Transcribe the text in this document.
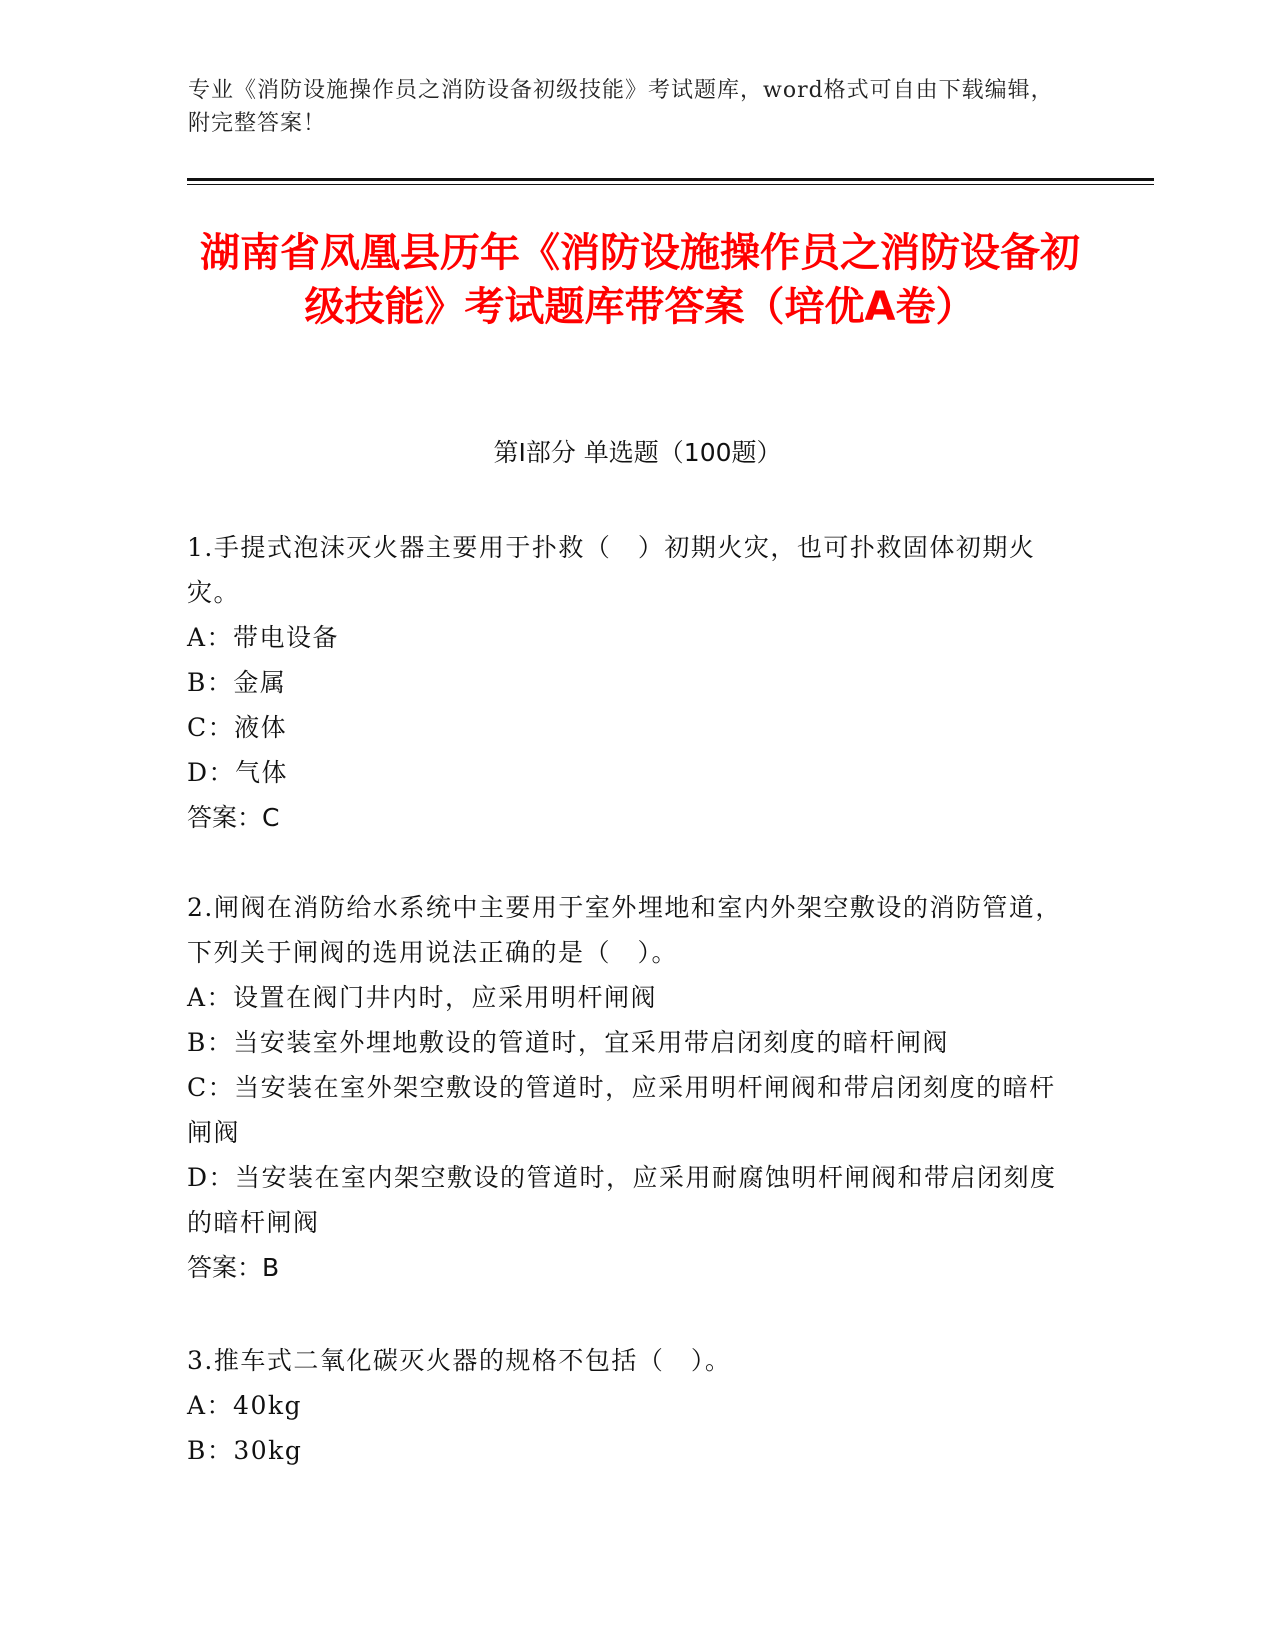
专业《消防设施操作员之消防设备初级技能》考试题库，word格式可自由下载编辑，附完整答案！
湖南省凤凰县历年《消防设施操作员之消防设备初级技能》考试题库带答案（培优A卷）
第I部分 单选题（100题）

1.手提式泡沫灭火器主要用于扑救（　）初期火灾，也可扑救固体初期火灾。

A：带电设备

B：金属

C：液体

D：气体

答案：C

2.闸阀在消防给水系统中主要用于室外埋地和室内外架空敷设的消防管道，下列关于闸阀的选用说法正确的是（　）。

A：设置在阀门井内时，应采用明杆闸阀

B：当安装室外埋地敷设的管道时，宜采用带启闭刻度的暗杆闸阀

C：当安装在室外架空敷设的管道时，应采用明杆闸阀和带启闭刻度的暗杆闸阀

D：当安装在室内架空敷设的管道时，应采用耐腐蚀明杆闸阀和带启闭刻度的暗杆闸阀

答案：B

3.推车式二氧化碳灭火器的规格不包括（　）。

A：40kg

B：30kg
